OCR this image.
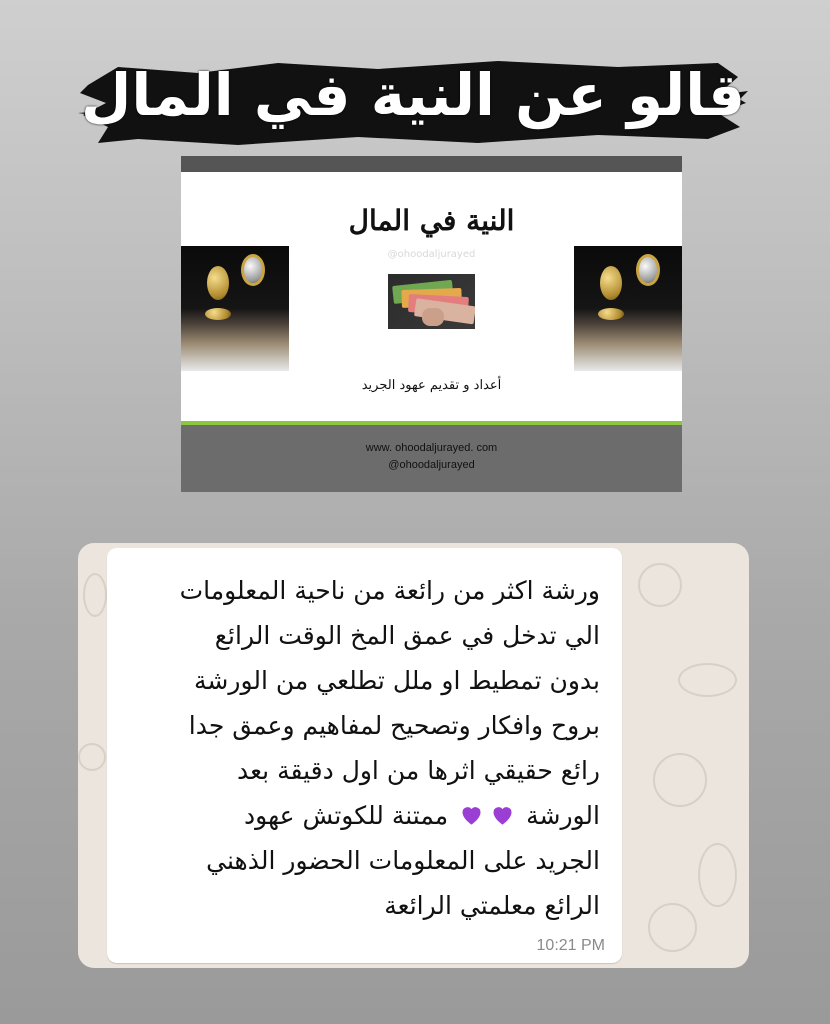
قالو عن النية في المال
النية في المال
@ohoodaljurayed
أعداد و تقديم عهود الجريد
www. ohoodaljurayed. com
@ohoodaljurayed
ورشة اكثر من رائعة من ناحية المعلومات
الي تدخل في عمق المخ الوقت الرائع
بدون تمطيط او ملل تطلعي من الورشة
بروح وافكار وتصحيح لمفاهيم وعمق جدا
رائع حقيقي اثرها من اول دقيقة بعد
الورشة  ممتنة للكوتش عهود
الجريد على المعلومات الحضور الذهني
الرائع معلمتي الرائعة
10:21 PM
